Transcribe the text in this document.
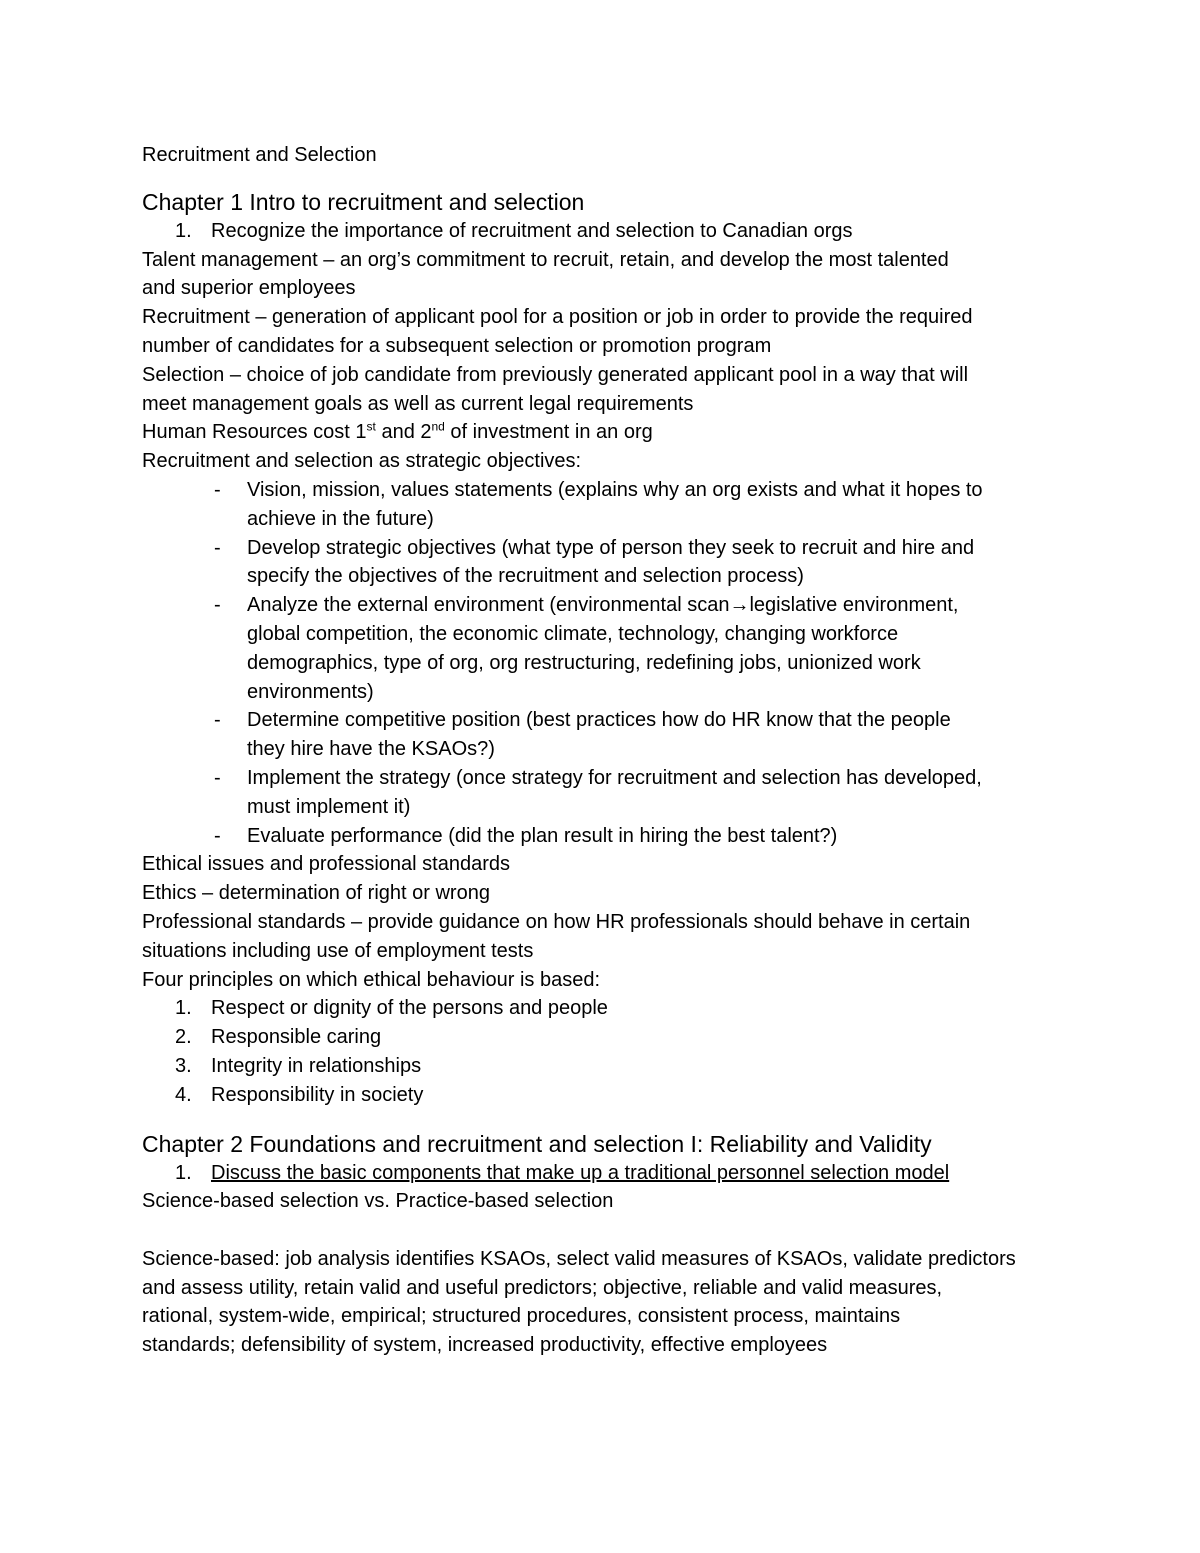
Recruitment and Selection
Chapter 1 Intro to recruitment and selection
1. Recognize the importance of recruitment and selection to Canadian orgs
Talent management – an org’s commitment to recruit, retain, and develop the most talented
and superior employees
Recruitment – generation of applicant pool for a position or job in order to provide the required
number of candidates for a subsequent selection or promotion program
Selection – choice of job candidate from previously generated applicant pool in a way that will
meet management goals as well as current legal requirements
Human Resources cost 1st and 2nd of investment in an org
Recruitment and selection as strategic objectives:
- Vision, mission, values statements (explains why an org exists and what it hopes to
achieve in the future)
- Develop strategic objectives (what type of person they seek to recruit and hire and
specify the objectives of the recruitment and selection process)
- Analyze the external environment (environmental scan→legislative environment,
global competition, the economic climate, technology, changing workforce
demographics, type of org, org restructuring, redefining jobs, unionized work
environments)
- Determine competitive position (best practices how do HR know that the people
they hire have the KSAOs?)
- Implement the strategy (once strategy for recruitment and selection has developed,
must implement it)
- Evaluate performance (did the plan result in hiring the best talent?)
Ethical issues and professional standards
Ethics – determination of right or wrong
Professional standards – provide guidance on how HR professionals should behave in certain
situations including use of employment tests
Four principles on which ethical behaviour is based:
1. Respect or dignity of the persons and people
2. Responsible caring
3. Integrity in relationships
4. Responsibility in society
Chapter 2 Foundations and recruitment and selection I: Reliability and Validity
1. Discuss the basic components that make up a traditional personnel selection model
Science-based selection vs. Practice-based selection
Science-based: job analysis identifies KSAOs, select valid measures of KSAOs, validate predictors
and assess utility, retain valid and useful predictors; objective, reliable and valid measures,
rational, system-wide, empirical; structured procedures, consistent process, maintains
standards; defensibility of system, increased productivity, effective employees
